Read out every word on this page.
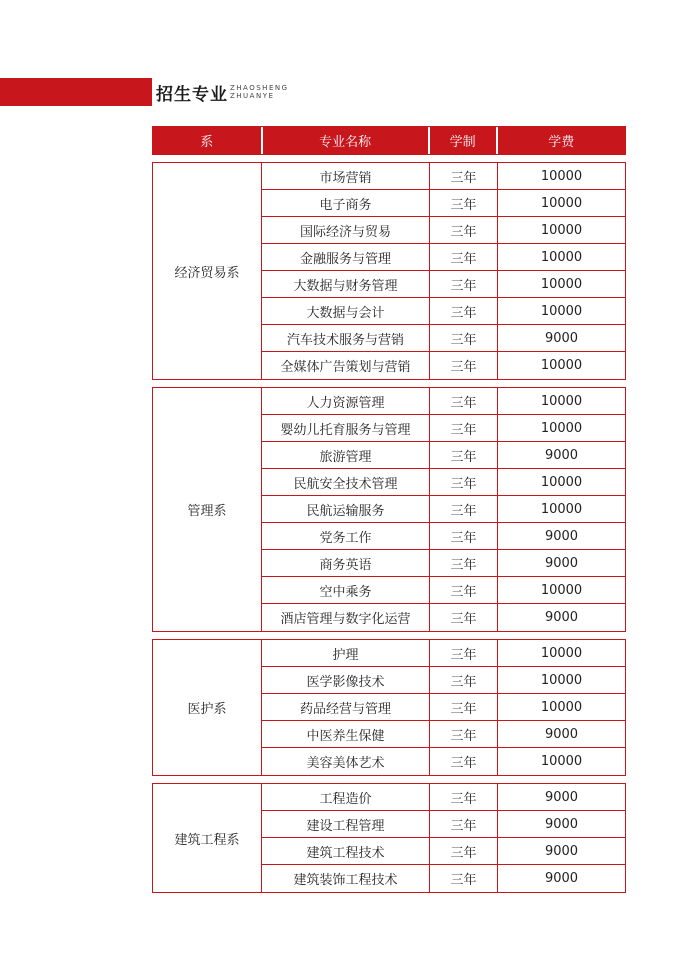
招生专业 ZHAOSHENG
ZHUANYE
系	专业名称	学制	学费
经济贸易系
市场营销	三年	10000
电子商务	三年	10000
国际经济与贸易	三年	10000
金融服务与管理	三年	10000
大数据与财务管理	三年	10000
大数据与会计	三年	10000
汽车技术服务与营销	三年	9000
全媒体广告策划与营销	三年	10000
管理系
人力资源管理	三年	10000
婴幼儿托育服务与管理	三年	10000
旅游管理	三年	9000
民航安全技术管理	三年	10000
民航运输服务	三年	10000
党务工作	三年	9000
商务英语	三年	9000
空中乘务	三年	10000
酒店管理与数字化运营	三年	9000
医护系
护理	三年	10000
医学影像技术	三年	10000
药品经营与管理	三年	10000
中医养生保健	三年	9000
美容美体艺术	三年	10000
建筑工程系
工程造价	三年	9000
建设工程管理	三年	9000
建筑工程技术	三年	9000
建筑装饰工程技术	三年	9000
